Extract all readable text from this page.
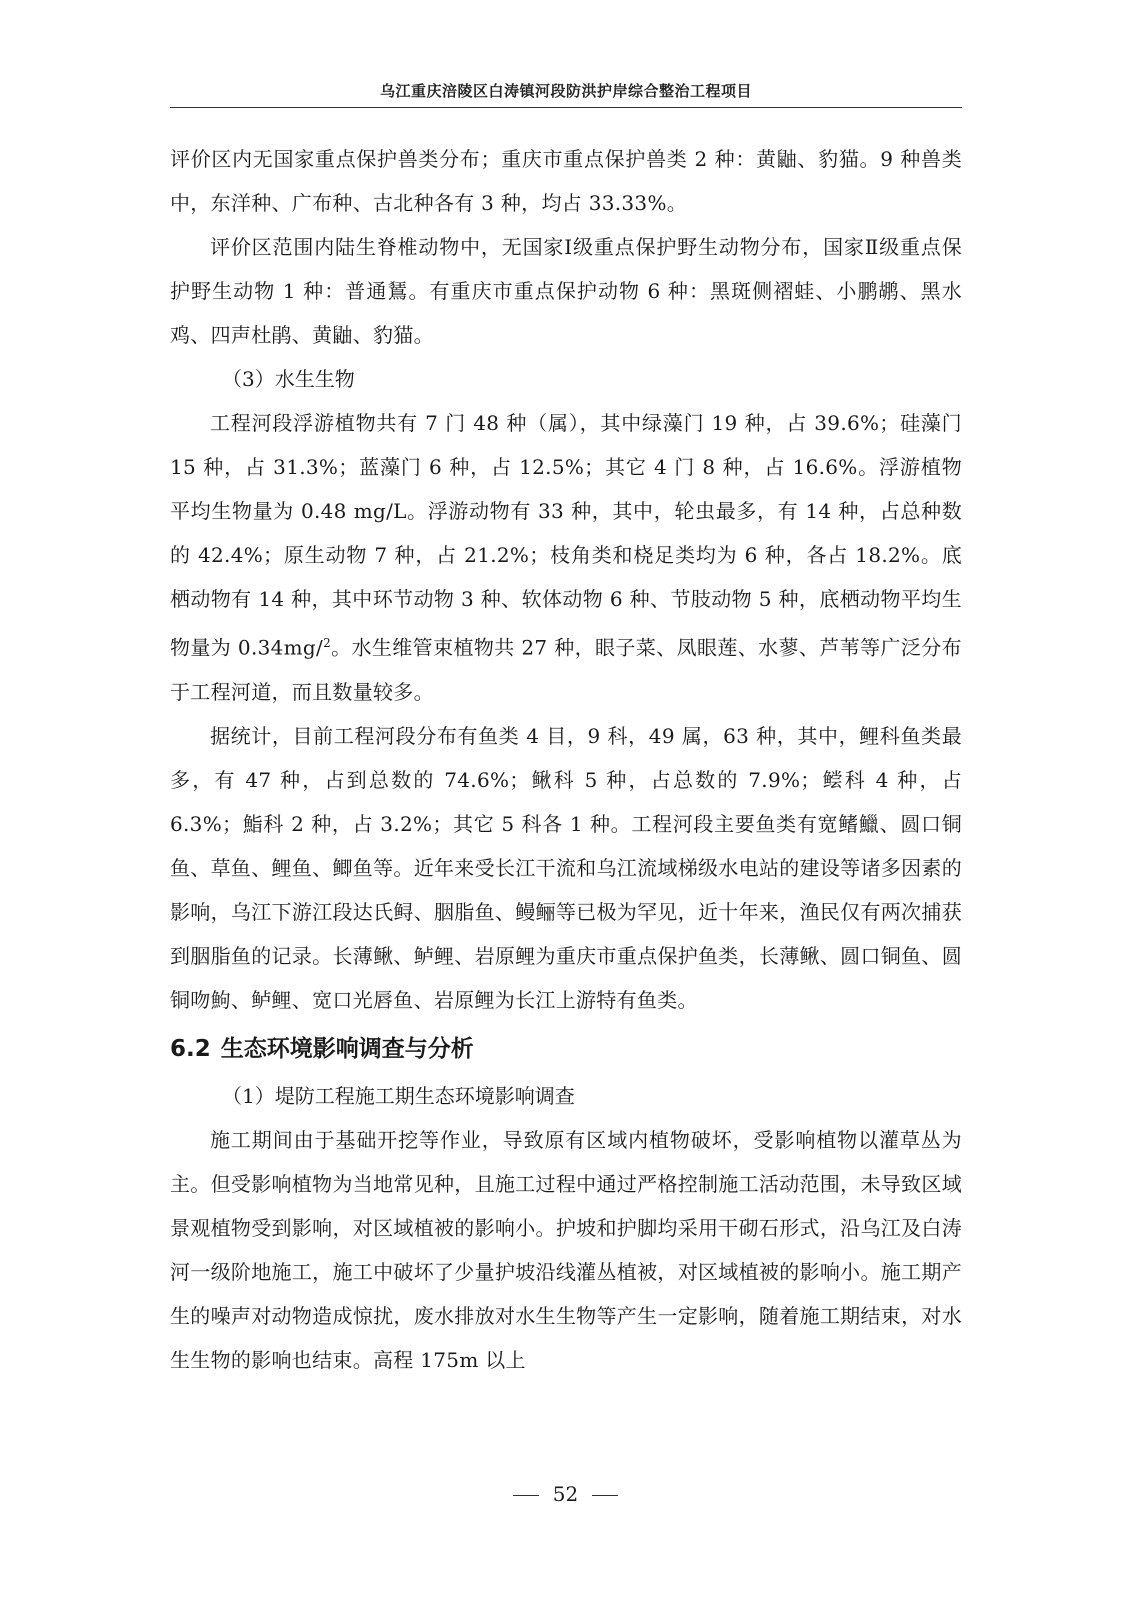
乌江重庆涪陵区白涛镇河段防洪护岸综合整治工程项目

评价区内无国家重点保护兽类分布；重庆市重点保护兽类 2 种：黄鼬、豹猫。9 种兽类中，东洋种、广布种、古北种各有 3 种，均占 33.33%。

评价区范围内陆生脊椎动物中，无国家Ⅰ级重点保护野生动物分布，国家Ⅱ级重点保护野生动物 1 种：普通鵟。有重庆市重点保护动物 6 种：黑斑侧褶蛙、小鹏鹕、黑水鸡、四声杜鹃、黄鼬、豹猫。

（3）水生生物

工程河段浮游植物共有 7 门 48 种（属），其中绿藻门 19 种，占 39.6%；硅藻门 15 种，占 31.3%；蓝藻门 6 种，占 12.5%；其它 4 门 8 种，占 16.6%。浮游植物平均生物量为 0.48 mg/L。浮游动物有 33 种，其中，轮虫最多，有 14 种，占总种数的 42.4%；原生动物 7 种，占 21.2%；枝角类和桡足类均为 6 种，各占 18.2%。底栖动物有 14 种，其中环节动物 3 种、软体动物 6 种、节肢动物 5 种，底栖动物平均生物量为 0.34mg/$^2$。水生维管束植物共 27 种，眼子菜、凤眼莲、水蓼、芦苇等广泛分布于工程河道，而且数量较多。

据统计，目前工程河段分布有鱼类 4 目，9 科，49 属，63 种，其中，鲤科鱼类最多，有 47 种，占到总数的 74.6%；鳅科 5 种，占总数的 7.9%；鲿科 4 种，占 6.3%；鮨科 2 种，占 3.2%；其它 5 科各 1 种。工程河段主要鱼类有宽鳍鱲、圆口铜鱼、草鱼、鲤鱼、鲫鱼等。近年来受长江干流和乌江流域梯级水电站的建设等诸多因素的影响，乌江下游江段达氏鲟、胭脂鱼、鳗鲡等已极为罕见，近十年来，渔民仅有两次捕获到胭脂鱼的记录。长薄鳅、鲈鲤、岩原鲤为重庆市重点保护鱼类，长薄鳅、圆口铜鱼、圆铜吻鮈、鲈鲤、宽口光唇鱼、岩原鲤为长江上游特有鱼类。

6.2 生态环境影响调查与分析

（1）堤防工程施工期生态环境影响调查

施工期间由于基础开挖等作业，导致原有区域内植物破坏，受影响植物以灌草丛为主。但受影响植物为当地常见种，且施工过程中通过严格控制施工活动范围，未导致区域景观植物受到影响，对区域植被的影响小。护坡和护脚均采用干砌石形式，沿乌江及白涛河一级阶地施工，施工中破坏了少量护坡沿线灌丛植被，对区域植被的影响小。施工期产生的噪声对动物造成惊扰，废水排放对水生生物等产生一定影响，随着施工期结束，对水生生物的影响也结束。高程 175m 以上

52
